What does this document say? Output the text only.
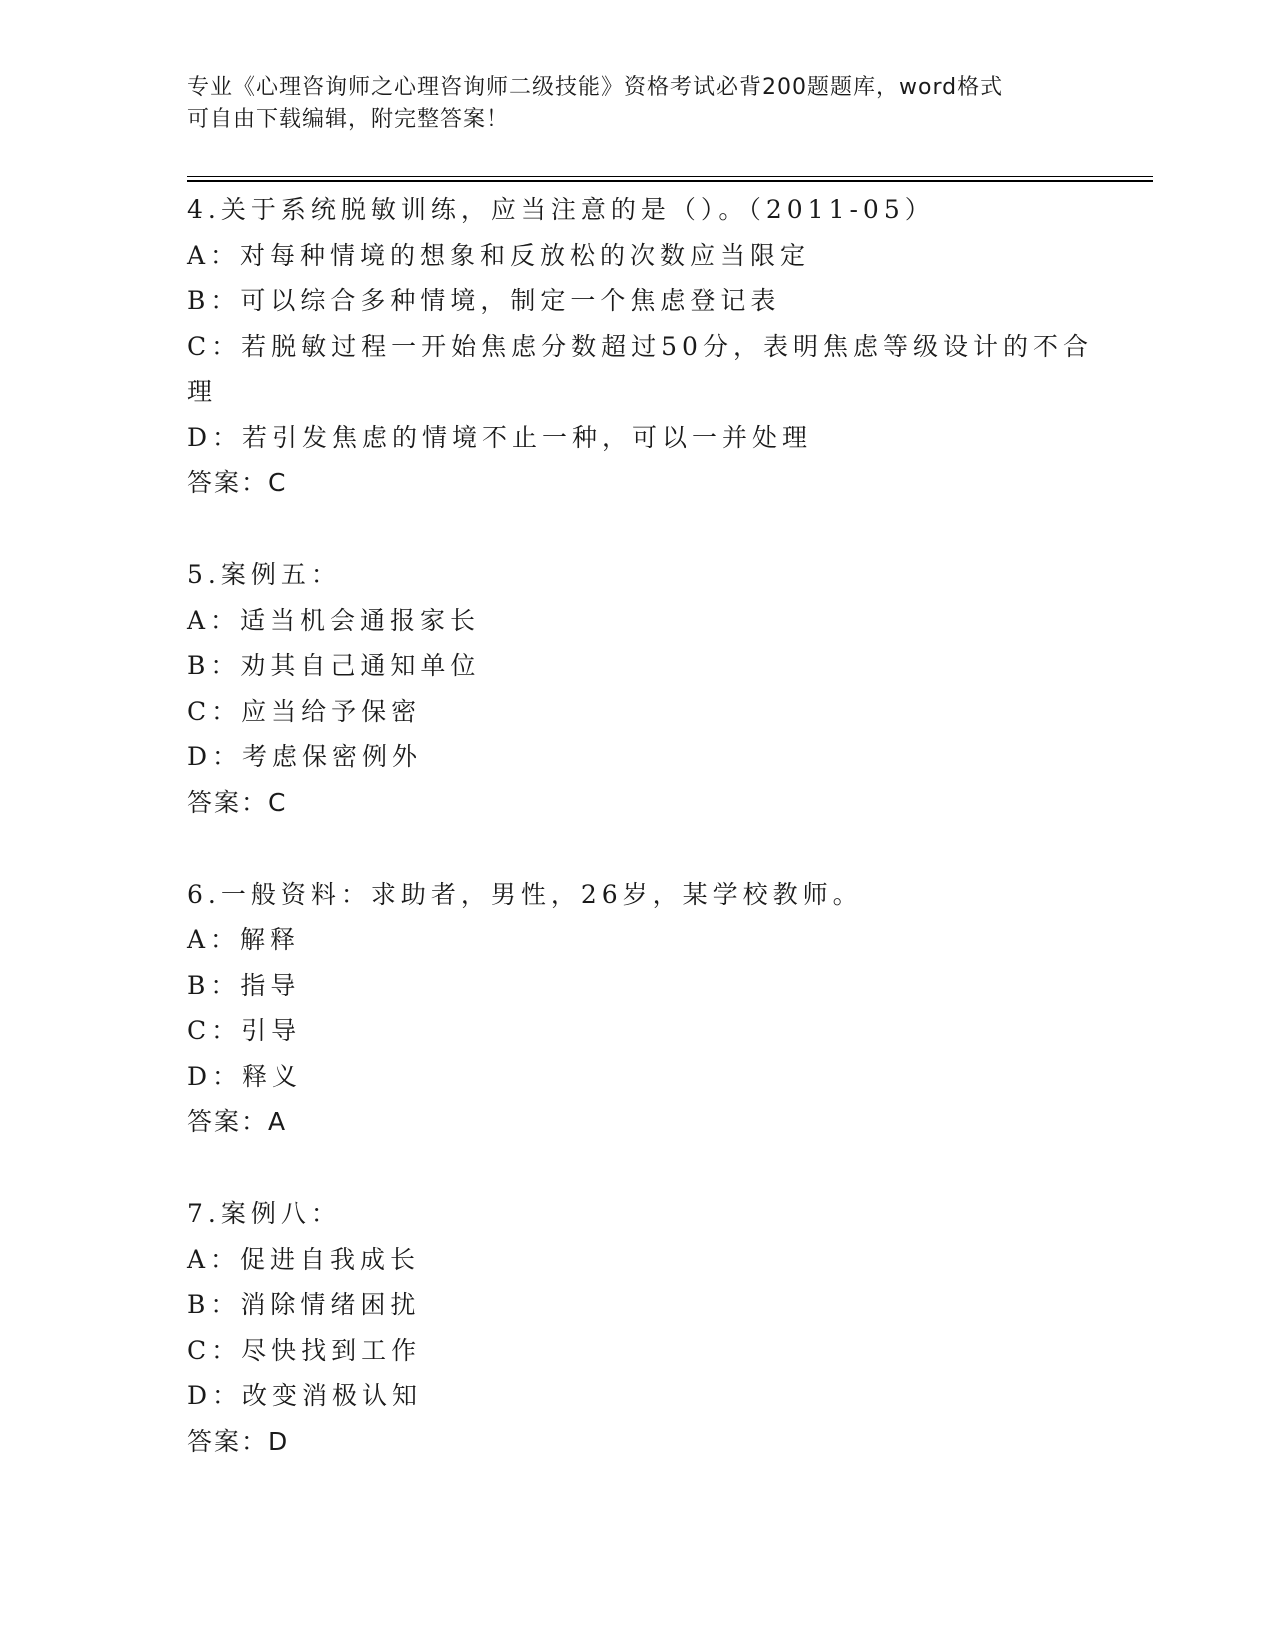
专业《心理咨询师之心理咨询师二级技能》资格考试必背200题题库，word格式
可自由下载编辑，附完整答案！
4.关于系统脱敏训练，应当注意的是（）。（2011-05）
A：对每种情境的想象和反放松的次数应当限定
B：可以综合多种情境，制定一个焦虑登记表
C：若脱敏过程一开始焦虑分数超过50分，表明焦虑等级设计的不合
理
D：若引发焦虑的情境不止一种，可以一并处理
答案：C
5.案例五：
A：适当机会通报家长
B：劝其自己通知单位
C：应当给予保密
D：考虑保密例外
答案：C
6.一般资料：求助者，男性，26岁，某学校教师。
A：解释
B：指导
C：引导
D：释义
答案：A
7.案例八：
A：促进自我成长
B：消除情绪困扰
C：尽快找到工作
D：改变消极认知
答案：D
